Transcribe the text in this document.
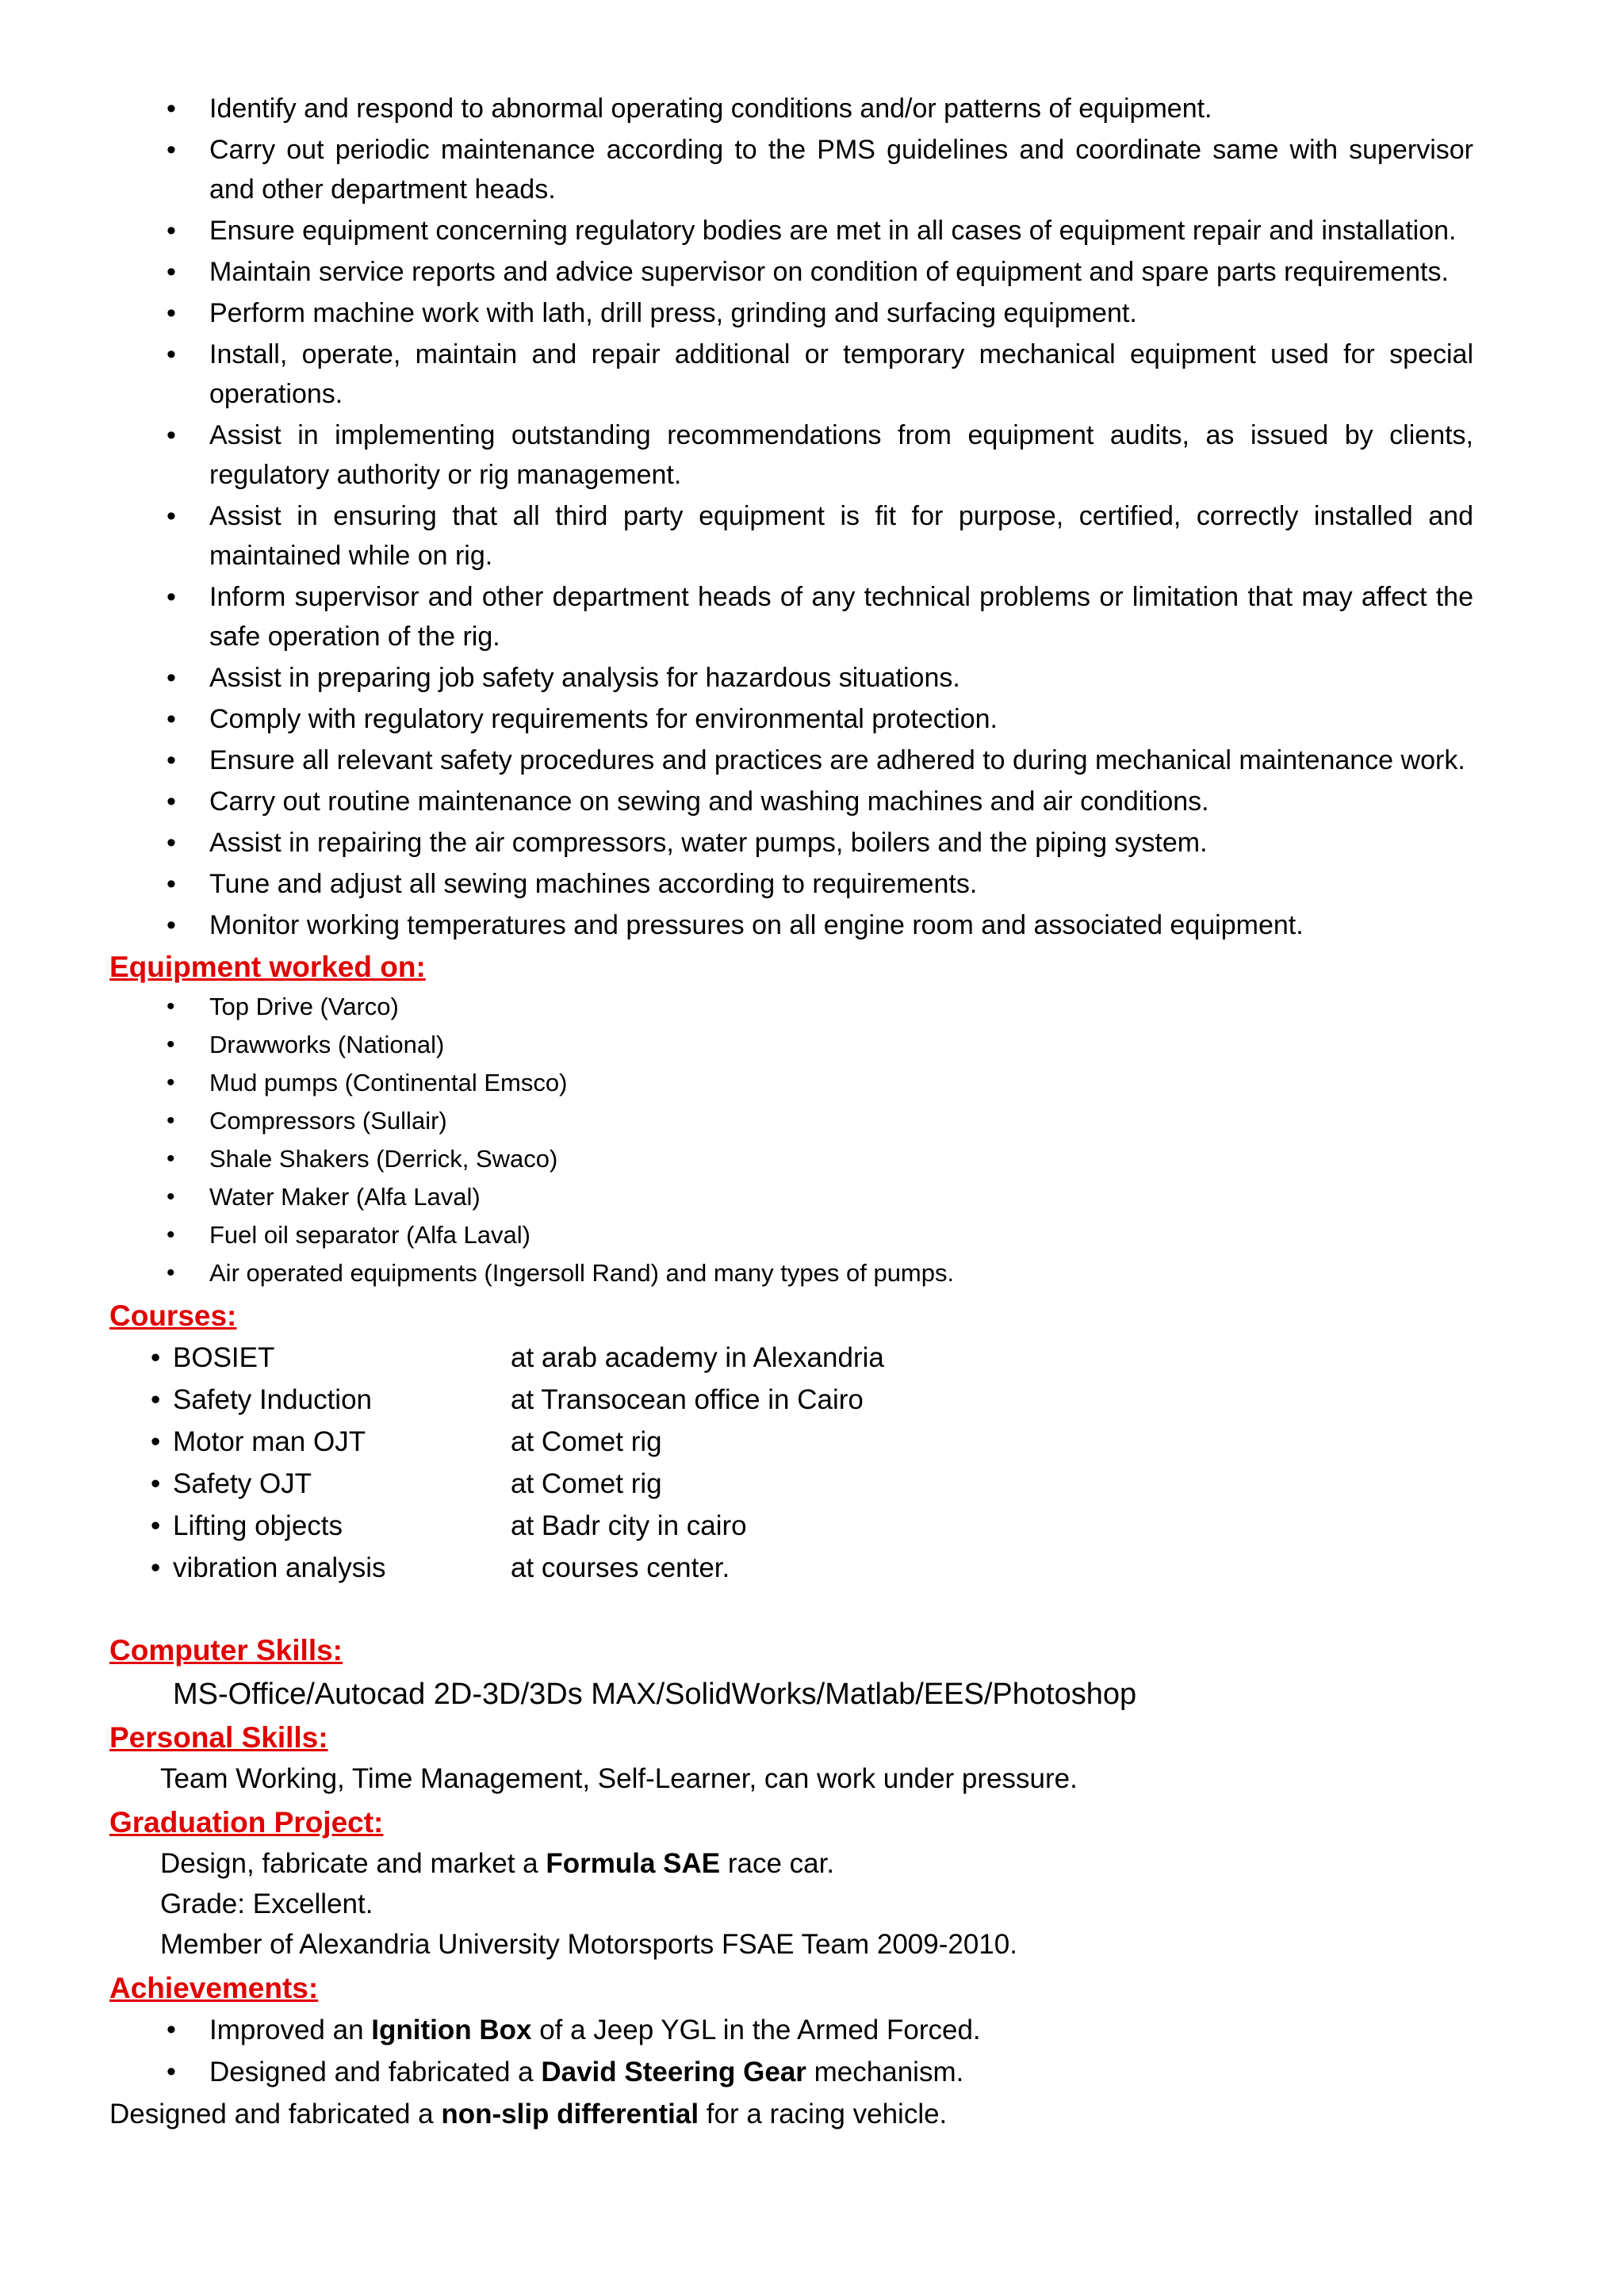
• Identify and respond to abnormal operating conditions and/or patterns of equipment.
• Carry out periodic maintenance according to the PMS guidelines and coordinate same with supervisor and other department heads.
• Ensure equipment concerning regulatory bodies are met in all cases of equipment repair and installation.
• Maintain service reports and advice supervisor on condition of equipment and spare parts requirements.
• Perform machine work with lath, drill press, grinding and surfacing equipment.
• Install, operate, maintain and repair additional or temporary mechanical equipment used for special operations.
• Assist in implementing outstanding recommendations from equipment audits, as issued by clients, regulatory authority or rig management.
• Assist in ensuring that all third party equipment is fit for purpose, certified, correctly installed and maintained while on rig.
• Inform supervisor and other department heads of any technical problems or limitation that may affect the safe operation of the rig.
• Assist in preparing job safety analysis for hazardous situations.
• Comply with regulatory requirements for environmental protection.
• Ensure all relevant safety procedures and practices are adhered to during mechanical maintenance work.
• Carry out routine maintenance on sewing and washing machines and air conditions.
• Assist in repairing the air compressors, water pumps, boilers and the piping system.
• Tune and adjust all sewing machines according to requirements.
• Monitor working temperatures and pressures on all engine room and associated equipment.
Equipment worked on:
• Top Drive (Varco)
• Drawworks (National)
• Mud pumps (Continental Emsco)
• Compressors (Sullair)
• Shale Shakers (Derrick, Swaco)
• Water Maker (Alfa Laval)
• Fuel oil separator (Alfa Laval)
• Air operated equipments (Ingersoll Rand) and many types of pumps.
Courses:
• BOSIET	at arab academy in Alexandria
• Safety Induction	at Transocean office in Cairo
• Motor man OJT	at Comet rig
• Safety OJT	at Comet rig
• Lifting objects	at Badr city in cairo
• vibration analysis	at courses center.
Computer Skills:
MS-Office/Autocad 2D-3D/3Ds MAX/SolidWorks/Matlab/EES/Photoshop
Personal Skills:
Team Working, Time Management, Self-Learner, can work under pressure.
Graduation Project:
Design, fabricate and market a Formula SAE race car.
Grade: Excellent.
Member of Alexandria University Motorsports FSAE Team 2009-2010.
Achievements:
• Improved an Ignition Box of a Jeep YGL in the Armed Forced.
• Designed and fabricated a David Steering Gear mechanism.
Designed and fabricated a non-slip differential for a racing vehicle.
